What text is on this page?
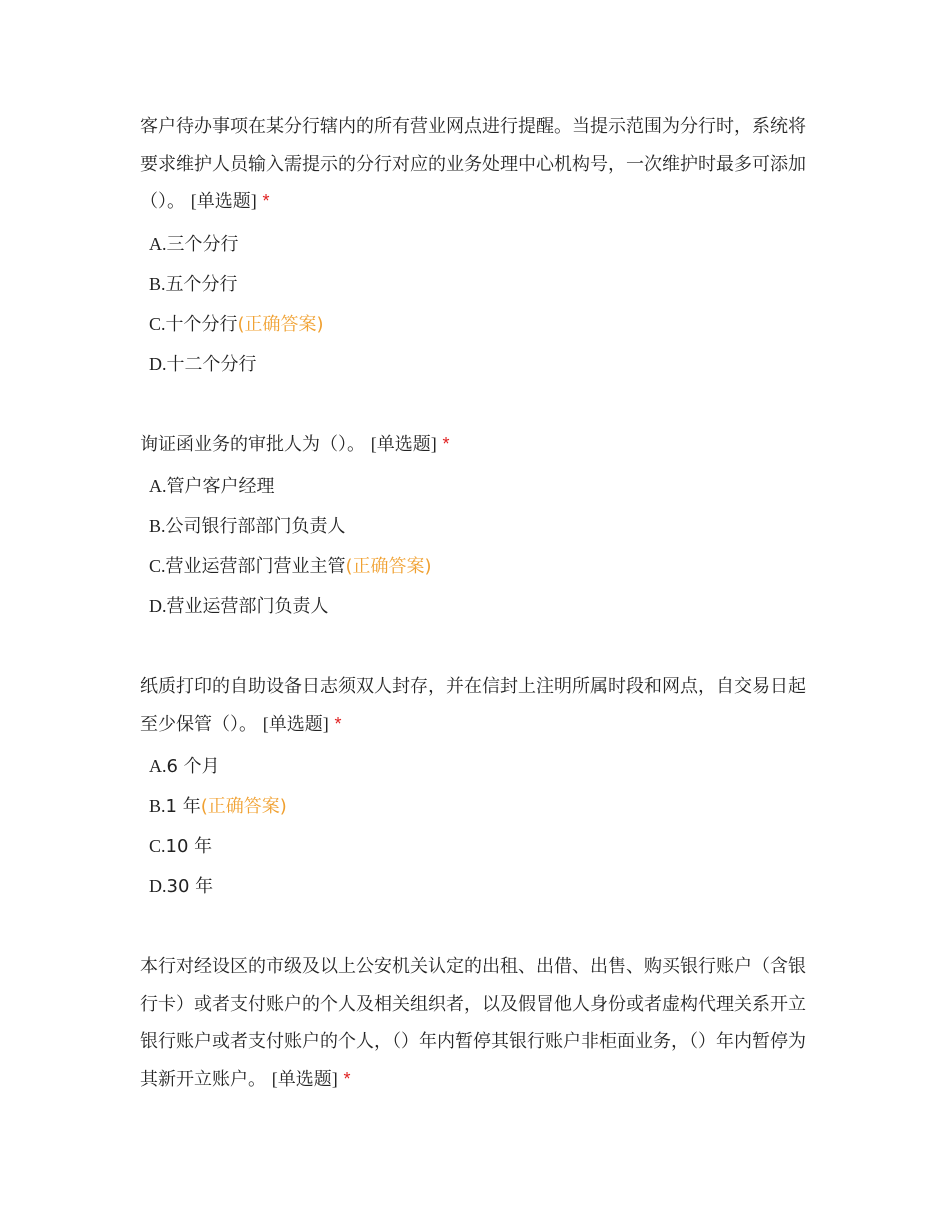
客户待办事项在某分行辖内的所有营业网点进行提醒。当提示范围为分行时，系统将要求维护人员输入需提示的分行对应的业务处理中心机构号，一次维护时最多可添加（）。 [单选题] *

A.三个分行
B.五个分行
C.十个分行(正确答案)
D.十二个分行

询证函业务的审批人为（）。 [单选题] *

A.管户客户经理
B.公司银行部部门负责人
C.营业运营部门营业主管(正确答案)
D.营业运营部门负责人

纸质打印的自助设备日志须双人封存，并在信封上注明所属时段和网点，自交易日起至少保管（）。 [单选题] *

A.6 个月
B.1 年(正确答案)
C.10 年
D.30 年

本行对经设区的市级及以上公安机关认定的出租、出借、出售、购买银行账户（含银行卡）或者支付账户的个人及相关组织者，以及假冒他人身份或者虚构代理关系开立银行账户或者支付账户的个人，（）年内暂停其银行账户非柜面业务，（）年内暂停为其新开立账户。 [单选题] *
